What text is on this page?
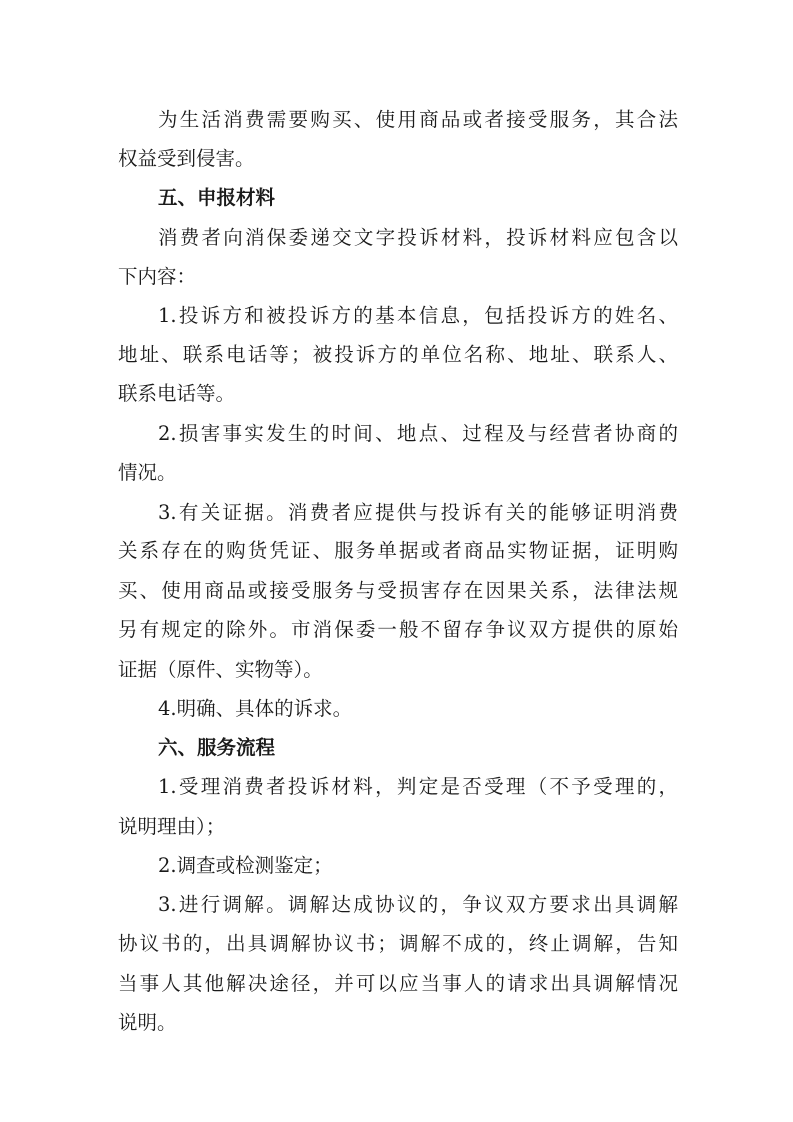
为生活消费需要购买、使用商品或者接受服务，其合法
权益受到侵害。
五、申报材料
消费者向消保委递交文字投诉材料，投诉材料应包含以
下内容：
1.投诉方和被投诉方的基本信息，包括投诉方的姓名、
地址、联系电话等；被投诉方的单位名称、地址、联系人、
联系电话等。
2.损害事实发生的时间、地点、过程及与经营者协商的
情况。
3.有关证据。消费者应提供与投诉有关的能够证明消费
关系存在的购货凭证、服务单据或者商品实物证据，证明购
买、使用商品或接受服务与受损害存在因果关系，法律法规
另有规定的除外。市消保委一般不留存争议双方提供的原始
证据（原件、实物等）。
4.明确、具体的诉求。
六、服务流程
1.受理消费者投诉材料，判定是否受理（不予受理的，
说明理由）；
2.调查或检测鉴定；
3.进行调解。调解达成协议的，争议双方要求出具调解
协议书的，出具调解协议书；调解不成的，终止调解，告知
当事人其他解决途径，并可以应当事人的请求出具调解情况
说明。
